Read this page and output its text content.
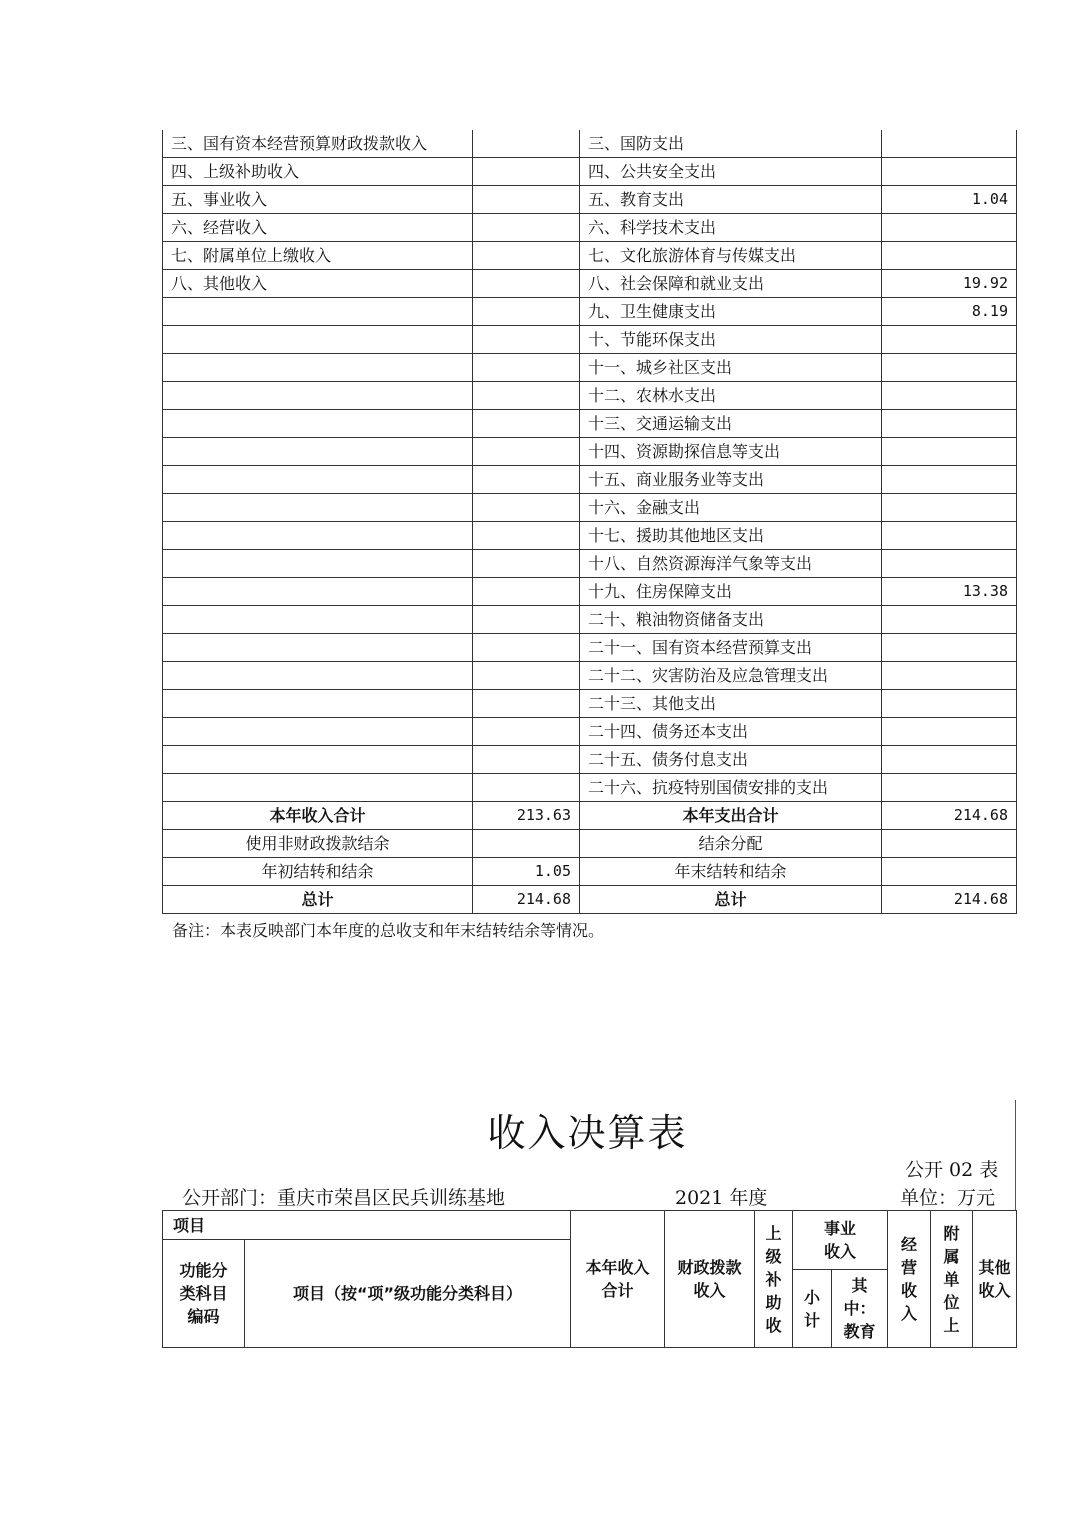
三、国有资本经营预算财政拨款收入		三、国防支出	
四、上级补助收入		四、公共安全支出	
五、事业收入		五、教育支出	1.04
六、经营收入		六、科学技术支出	
七、附属单位上缴收入		七、文化旅游体育与传媒支出	
八、其他收入		八、社会保障和就业支出	19.92
		九、卫生健康支出	8.19
		十、节能环保支出	
		十一、城乡社区支出	
		十二、农林水支出	
		十三、交通运输支出	
		十四、资源勘探信息等支出	
		十五、商业服务业等支出	
		十六、金融支出	
		十七、援助其他地区支出	
		十八、自然资源海洋气象等支出	
		十九、住房保障支出	13.38
		二十、粮油物资储备支出	
		二十一、国有资本经营预算支出	
		二十二、灾害防治及应急管理支出	
		二十三、其他支出	
		二十四、债务还本支出	
		二十五、债务付息支出	
		二十六、抗疫特别国债安排的支出	
本年收入合计	213.63	本年支出合计	214.68
使用非财政拨款结余		结余分配	
年初结转和结余	1.05	年末结转和结余	
总计	214.68	总计	214.68
备注：本表反映部门本年度的总收支和年末结转结余等情况。
收入决算表
公开 02 表
公开部门：重庆市荣昌区民兵训练基地	2021 年度	单位：万元
项目		本年收入合计	财政拨款收入	上级补助收	事业收入		经营收入	附属单位上	其他收入
功能分类科目编码	项目（按“项”级功能分类科目）								
					小计	其中：教育			
